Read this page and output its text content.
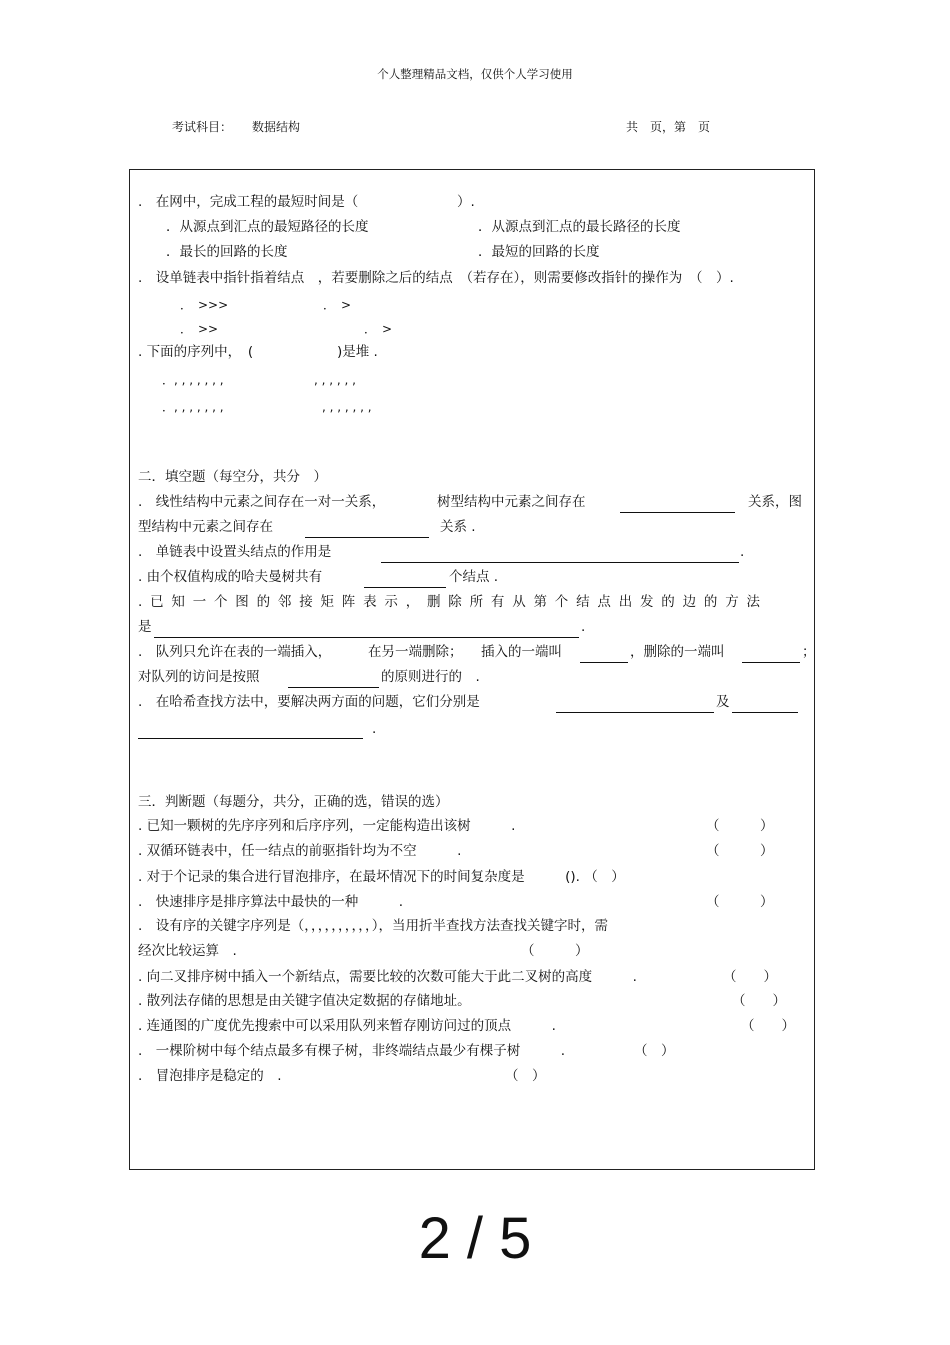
个人整理精品文档，仅供个人学习使用
考试科目： 数据结构	共　页，第　页
.　在网中，完成工程的最短时间是（	）.
．从源点到汇点的最短路径的长度	．从源点到汇点的最长路径的长度
．最长的回路的长度	．最短的回路的长度
.　设单链表中指针指着结点　，若要删除之后的结点　（若存在），则需要修改指针的操作为　（　）.
．　>>>	．　>
．　>>	．　>
. 下面的序列中，　(	)是堆 .
．, , , , , , ,	, , , , , ,
．, , , , , , ,	, , , , , , ,
二．填空题（每空分，共分　）
.　线性结构中元素之间存在一对一关系，	树型结构中元素之间存在	关系，图
型结构中元素之间存在	关系 .
.　单链表中设置头结点的作用是	.
. 由个权值构成的哈夫曼树共有	个结点 .
.已知一个图的邻接矩阵表示，删除所有从第个结点出发的边的方法
是	.
.　队列只允许在表的一端插入，	在另一端删除； 插入的一端叫	，删除的一端叫	；
对队列的访问是按照	的原则进行的　.
.　在哈希查找方法中，要解决两方面的问题，它们分别是	及
.
三．判断题（每题分，共分，正确的选，错误的选）
. 已知一颗树的先序序列和后序序列，一定能构造出该树　　　.	（　　　）
. 双循环链表中，任一结点的前驱指针均为不空　　　.	（　　　）
. 对于个记录的集合进行冒泡排序，在最坏情况下的时间复杂度是　　　(). （　）
.　快速排序是排序算法中最快的一种　　　.	（　　　）
.　设有序的关键字序列是（，，，，，，，，，，），当用折半查找方法查找关键字时，需
经次比较运算　.	（　　　）
. 向二叉排序树中插入一个新结点，需要比较的次数可能大于此二叉树的高度　　　.	（　　）
. 散列法存储的思想是由关键字值决定数据的存储地址。	（　　）
. 连通图的广度优先搜索中可以采用队列来暂存刚访问过的顶点　　　.	（　　）
.　一棵阶树中每个结点最多有棵子树，非终端结点最少有棵子树　　　.	（　）
.　冒泡排序是稳定的　.	（　）
2 / 5
